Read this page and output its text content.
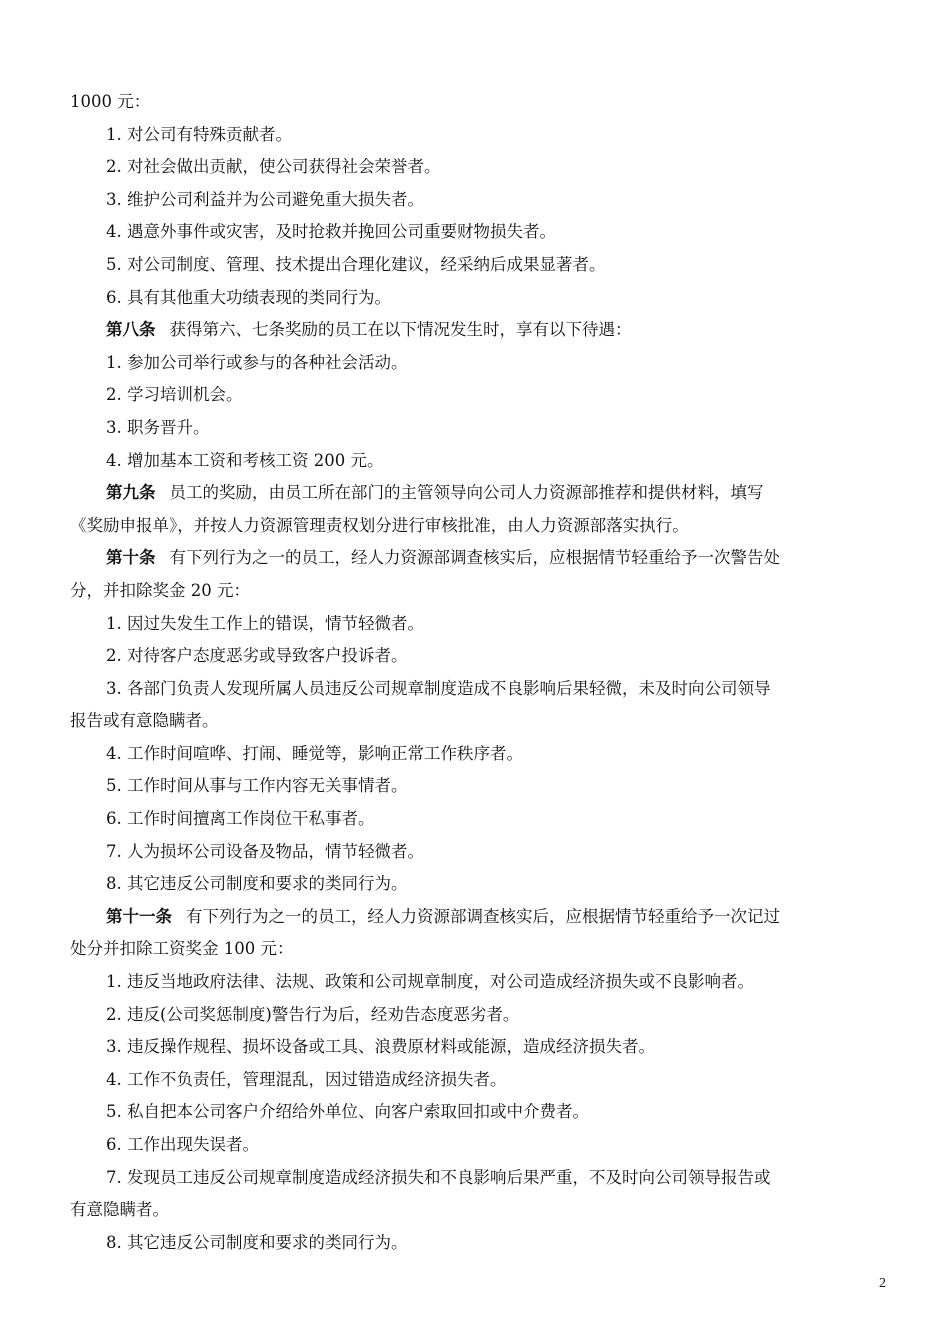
1000 元：
1. 对公司有特殊贡献者。
2. 对社会做出贡献，使公司获得社会荣誉者。
3. 维护公司利益并为公司避免重大损失者。
4. 遇意外事件或灾害，及时抢救并挽回公司重要财物损失者。
5. 对公司制度、管理、技术提出合理化建议，经采纳后成果显著者。
6. 具有其他重大功绩表现的类同行为。
第八条 获得第六、七条奖励的员工在以下情况发生时，享有以下待遇：
1. 参加公司举行或参与的各种社会活动。
2. 学习培训机会。
3. 职务晋升。
4. 增加基本工资和考核工资 200 元。
第九条 员工的奖励，由员工所在部门的主管领导向公司人力资源部推荐和提供材料，填写
《奖励申报单》，并按人力资源管理责权划分进行审核批准，由人力资源部落实执行。
第十条 有下列行为之一的员工，经人力资源部调查核实后，应根据情节轻重给予一次警告处
分，并扣除奖金 20 元：
1. 因过失发生工作上的错误，情节轻微者。
2. 对待客户态度恶劣或导致客户投诉者。
3. 各部门负责人发现所属人员违反公司规章制度造成不良影响后果轻微，未及时向公司领导
报告或有意隐瞒者。
4. 工作时间喧哗、打闹、睡觉等，影响正常工作秩序者。
5. 工作时间从事与工作内容无关事情者。
6. 工作时间擅离工作岗位干私事者。
7. 人为损坏公司设备及物品，情节轻微者。
8. 其它违反公司制度和要求的类同行为。
第十一条 有下列行为之一的员工，经人力资源部调查核实后，应根据情节轻重给予一次记过
处分并扣除工资奖金 100 元：
1. 违反当地政府法律、法规、政策和公司规章制度，对公司造成经济损失或不良影响者。
2. 违反(公司奖惩制度)警告行为后，经劝告态度恶劣者。
3. 违反操作规程、损坏设备或工具、浪费原材料或能源，造成经济损失者。
4. 工作不负责任，管理混乱，因过错造成经济损失者。
5. 私自把本公司客户介绍给外单位、向客户索取回扣或中介费者。
6. 工作出现失误者。
7. 发现员工违反公司规章制度造成经济损失和不良影响后果严重，不及时向公司领导报告或
有意隐瞒者。
8. 其它违反公司制度和要求的类同行为。
2
